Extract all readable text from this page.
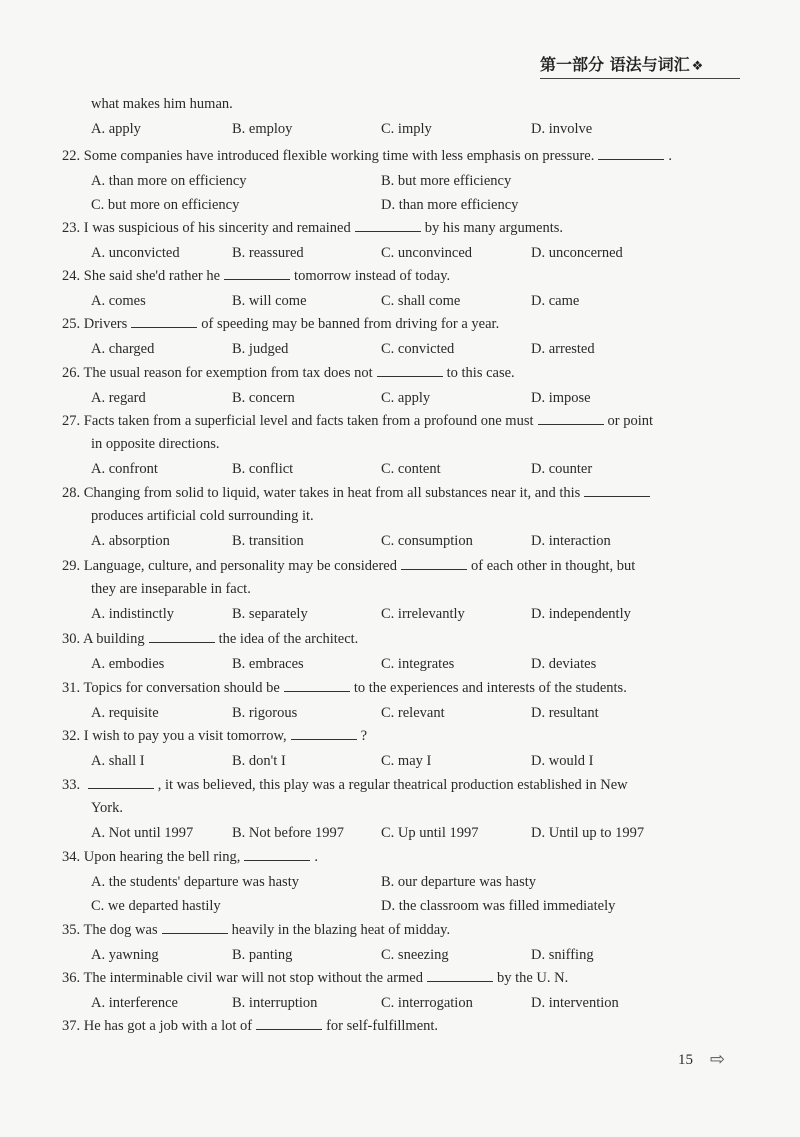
第一部分 语法与词汇 ❖
what makes him human.
A. apply	B. employ	C. imply	D. involve
22. Some companies have introduced flexible working time with less emphasis on pressure.	.
A. than more on efficiency	B. but more efficiency
C. but more on efficiency	D. than more efficiency
23. I was suspicious of his sincerity and remained	by his many arguments.
A. unconvicted	B. reassured	C. unconvinced	D. unconcerned
24. She said she'd rather he	tomorrow instead of today.
A. comes	B. will come	C. shall come	D. came
25. Drivers	of speeding may be banned from driving for a year.
A. charged	B. judged	C. convicted	D. arrested
26. The usual reason for exemption from tax does not	to this case.
A. regard	B. concern	C. apply	D. impose
27. Facts taken from a superficial level and facts taken from a profound one must	or point
in opposite directions.
A. confront	B. conflict	C. content	D. counter
28. Changing from solid to liquid, water takes in heat from all substances near it, and this
produces artificial cold surrounding it.
A. absorption	B. transition	C. consumption	D. interaction
29. Language, culture, and personality may be considered	of each other in thought, but
they are inseparable in fact.
A. indistinctly	B. separately	C. irrelevantly	D. independently
30. A building	the idea of the architect.
A. embodies	B. embraces	C. integrates	D. deviates
31. Topics for conversation should be	to the experiences and interests of the students.
A. requisite	B. rigorous	C. relevant	D. resultant
32. I wish to pay you a visit tomorrow,	?
A. shall I	B. don't I	C. may I	D. would I
33.	, it was believed, this play was a regular theatrical production established in New
York.
A. Not until 1997	B. Not before 1997	C. Up until 1997	D. Until up to 1997
34. Upon hearing the bell ring,	.
A. the students' departure was hasty	B. our departure was hasty
C. we departed hastily	D. the classroom was filled immediately
35. The dog was	heavily in the blazing heat of midday.
A. yawning	B. panting	C. sneezing	D. sniffing
36. The interminable civil war will not stop without the armed	by the U. N.
A. interference	B. interruption	C. interrogation	D. intervention
37. He has got a job with a lot of	for self-fulfillment.
15 ⇨
